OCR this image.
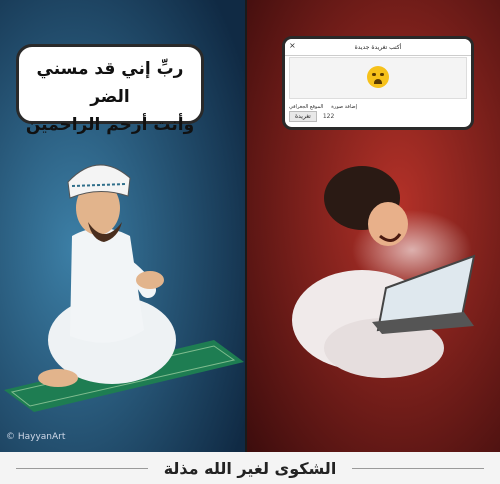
ربِّ إني قد مسني الضر
وأنت أرحم الراحمين
×	أكتب تغريدة جديدة
إضافة صورة
الموقع الجغرافي
تغريدة	122
© HayyanArt
الشكوى لغير الله مذلة
